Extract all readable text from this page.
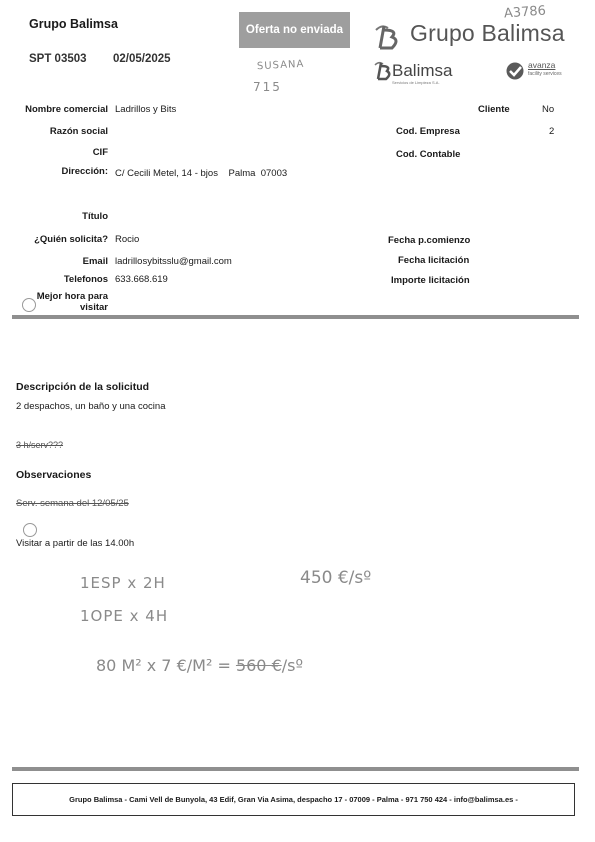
Grupo Balimsa
SPT 03503 02/05/2025
Oferta no enviada	Grupo Balimsa
A3786
Balimsa
Servicios de Limpieza S.A.
avanza
facility services
SUSANA
715
Nombre comercial Ladrillos y Bits
Razón social
CIF
Dirección: C/ Cecili Metel, 14 - bjos    Palma  07003
Título
¿Quién solicita? Rocio
Email ladrillosybitsslu@gmail.com
Telefonos 633.668.619
Mejor hora para
visitar
Cliente	No
Cod. Empresa	2
Cod. Contable
Fecha p.comienzo
Fecha licitación
Importe licitación
Descripción de la solicitud
2 despachos, un baño y una cocina
3 h/serv???
Observaciones
Serv. semana del 12/05/25
Visitar a partir de las 14.00h
1ESP x 2H
1OPE x 4H
450 €/sº
80 M² x 7 €/M² = 560 €/sº
Grupo Balimsa - Cami Vell de Bunyola, 43 Edif, Gran Via Asima, despacho 17 - 07009 - Palma - 971 750 424 - info@balimsa.es -
